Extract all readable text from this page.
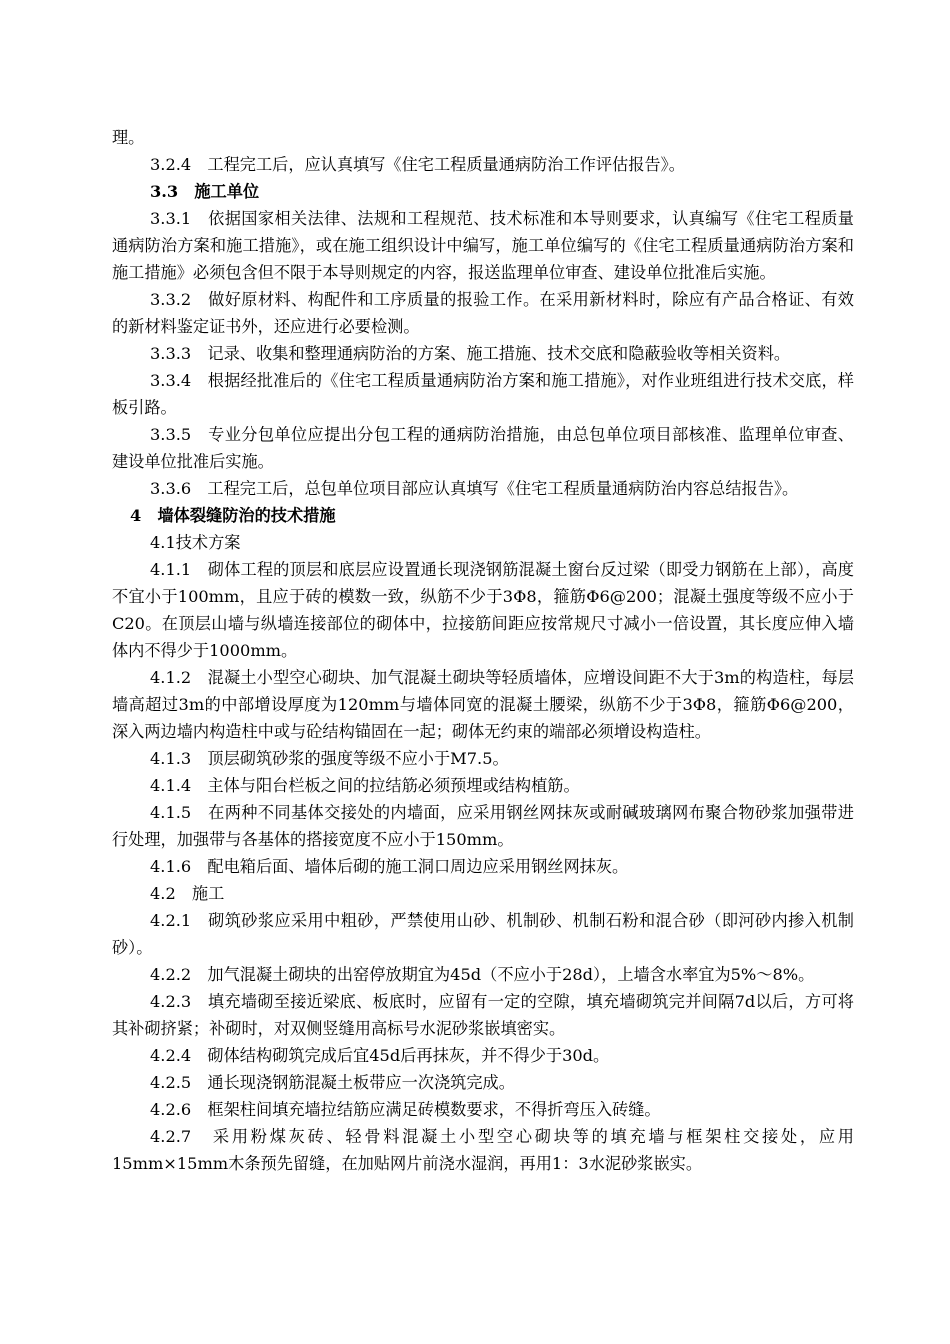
理。

3.2.4　工程完工后，应认真填写《住宅工程质量通病防治工作评估报告》。

3.3　施工单位

3.3.1　依据国家相关法律、法规和工程规范、技术标准和本导则要求，认真编写《住宅工程质量通病防治方案和施工措施》，或在施工组织设计中编写，施工单位编写的《住宅工程质量通病防治方案和施工措施》必须包含但不限于本导则规定的内容，报送监理单位审查、建设单位批准后实施。

3.3.2　做好原材料、构配件和工序质量的报验工作。在采用新材料时，除应有产品合格证、有效的新材料鉴定证书外，还应进行必要检测。

3.3.3　记录、收集和整理通病防治的方案、施工措施、技术交底和隐蔽验收等相关资料。

3.3.4　根据经批准后的《住宅工程质量通病防治方案和施工措施》，对作业班组进行技术交底，样板引路。

3.3.5　专业分包单位应提出分包工程的通病防治措施，由总包单位项目部核准、监理单位审查、建设单位批准后实施。

3.3.6　工程完工后，总包单位项目部应认真填写《住宅工程质量通病防治内容总结报告》。

4　墙体裂缝防治的技术措施

4.1技术方案

4.1.1　砌体工程的顶层和底层应设置通长现浇钢筋混凝土窗台反过梁（即受力钢筋在上部），高度不宜小于100mm，且应于砖的模数一致，纵筋不少于3Φ8，箍筋Φ6@200；混凝土强度等级不应小于C20。在顶层山墙与纵墙连接部位的砌体中，拉接筋间距应按常规尺寸减小一倍设置，其长度应伸入墙体内不得少于1000mm。

4.1.2　混凝土小型空心砌块、加气混凝土砌块等轻质墙体，应增设间距不大于3m的构造柱，每层墙高超过3m的中部增设厚度为120mm与墙体同宽的混凝土腰梁，纵筋不少于3Φ8，箍筋Φ6@200，深入两边墙内构造柱中或与砼结构锚固在一起；砌体无约束的端部必须增设构造柱。

4.1.3　顶层砌筑砂浆的强度等级不应小于M7.5。

4.1.4　主体与阳台栏板之间的拉结筋必须预埋或结构植筋。

4.1.5　在两种不同基体交接处的内墙面，应采用钢丝网抹灰或耐碱玻璃网布聚合物砂浆加强带进行处理，加强带与各基体的搭接宽度不应小于150mm。

4.1.6　配电箱后面、墙体后砌的施工洞口周边应采用钢丝网抹灰。

4.2　施工

4.2.1　砌筑砂浆应采用中粗砂，严禁使用山砂、机制砂、机制石粉和混合砂（即河砂内掺入机制砂）。

4.2.2　加气混凝土砌块的出窑停放期宜为45d（不应小于28d），上墙含水率宜为5%～8%。

4.2.3　填充墙砌至接近梁底、板底时，应留有一定的空隙，填充墙砌筑完并间隔7d以后，方可将其补砌挤紧；补砌时，对双侧竖缝用高标号水泥砂浆嵌填密实。

4.2.4　砌体结构砌筑完成后宜45d后再抹灰，并不得少于30d。

4.2.5　通长现浇钢筋混凝土板带应一次浇筑完成。

4.2.6　框架柱间填充墙拉结筋应满足砖模数要求，不得折弯压入砖缝。

4.2.7　采用粉煤灰砖、轻骨料混凝土小型空心砌块等的填充墙与框架柱交接处，应用15mm×15mm木条预先留缝，在加贴网片前浇水湿润，再用1：3水泥砂浆嵌实。
